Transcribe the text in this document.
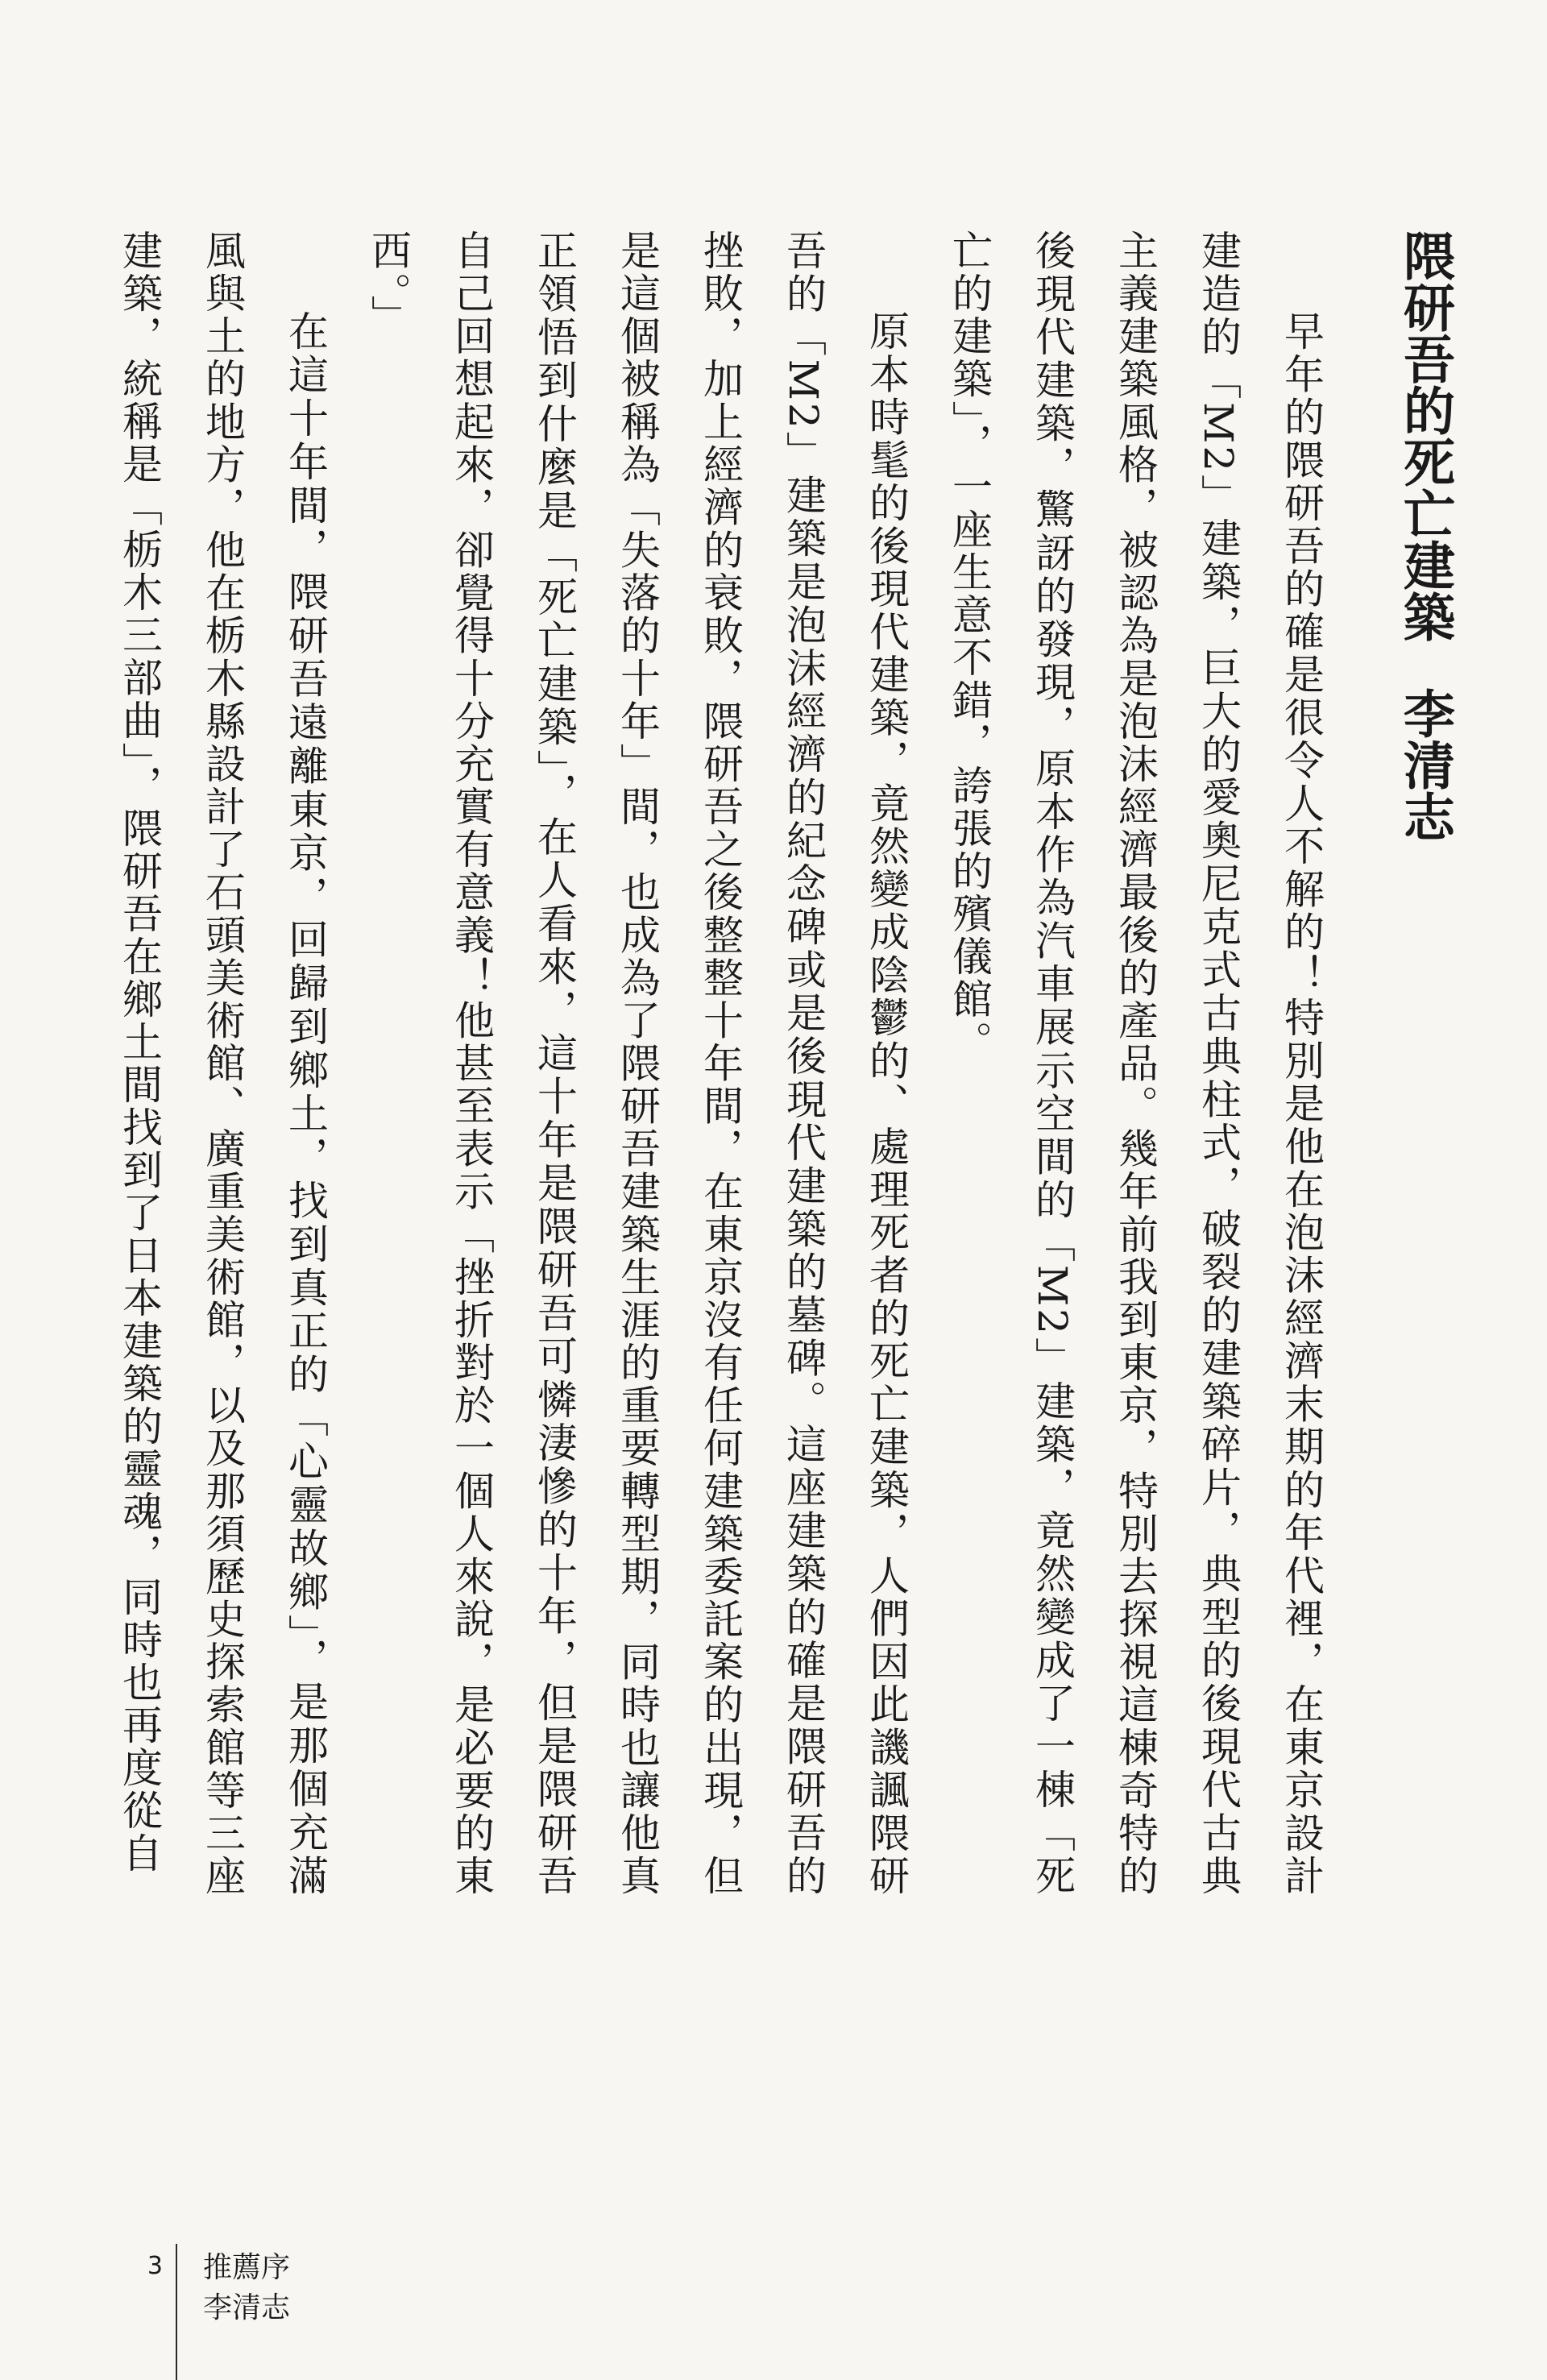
隈研吾的死亡建築
李清志

早年的隈研吾的確是很令人不解的！特別是他在泡沫經濟末期的年代裡，在東京設計建造的「M2」建築，巨大的愛奧尼克式古典柱式，破裂的建築碎片，典型的後現代古典主義建築風格，被認為是泡沫經濟最後的產品。幾年前我到東京，特別去探視這棟奇特的後現代建築，驚訝的發現，原本作為汽車展示空間的「M2」建築，竟然變成了一棟「死亡的建築」，一座生意不錯，誇張的殯儀館。

原本時髦的後現代建築，竟然變成陰鬱的、處理死者的死亡建築，人們因此譏諷隈研吾的「M2」建築是泡沫經濟的紀念碑或是後現代建築的墓碑。這座建築的確是隈研吾的挫敗，加上經濟的衰敗，隈研吾之後整整十年間，在東京沒有任何建築委託案的出現，但是這個被稱為「失落的十年」間，也成為了隈研吾建築生涯的重要轉型期，同時也讓他真正領悟到什麼是「死亡建築」，在人看來，這十年是隈研吾可憐淒慘的十年，但是隈研吾自己回想起來，卻覺得十分充實有意義！他甚至表示「挫折對於一個人來說，是必要的東西。」

在這十年間，隈研吾遠離東京，回歸到鄉土，找到真正的「心靈故鄉」，是那個充滿風與土的地方，他在栃木縣設計了石頭美術館、廣重美術館，以及那須歷史探索館等三座建築，統稱是「栃木三部曲」，隈研吾在鄉土間找到了日本建築的靈魂，同時也再度從自

3 推薦序
李清志
